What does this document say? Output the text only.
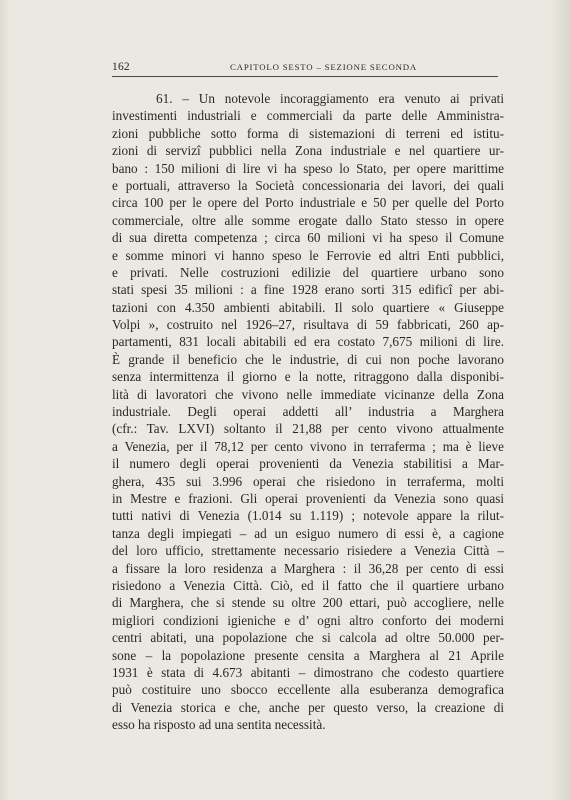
162	CAPITOLO SESTO – SEZIONE SECONDA
61. – Un notevole incoraggiamento era venuto ai privati
investimenti industriali e commerciali da parte delle Amministra-
zioni pubbliche sotto forma di sistemazioni di terreni ed istitu-
zioni di servizî pubblici nella Zona industriale e nel quartiere ur-
bano : 150 milioni di lire vi ha speso lo Stato, per opere marittime
e portuali, attraverso la Società concessionaria dei lavori, dei quali
circa 100 per le opere del Porto industriale e 50 per quelle del Porto
commerciale, oltre alle somme erogate dallo Stato stesso in opere
di sua diretta competenza ; circa 60 milioni vi ha speso il Comune
e somme minori vi hanno speso le Ferrovie ed altri Enti pubblici,
e privati. Nelle costruzioni edilizie del quartiere urbano sono
stati spesi 35 milioni : a fine 1928 erano sorti 315 edificî per abi-
tazioni con 4.350 ambienti abitabili. Il solo quartiere « Giuseppe
Volpi », costruito nel 1926–27, risultava di 59 fabbricati, 260 ap-
partamenti, 831 locali abitabili ed era costato 7,675 milioni di lire.
È grande il beneficio che le industrie, di cui non poche lavorano
senza intermittenza il giorno e la notte, ritraggono dalla disponibi-
lità di lavoratori che vivono nelle immediate vicinanze della Zona
industriale. Degli operai addetti all’ industria a Marghera
(cfr.: Tav. LXVI) soltanto il 21,88 per cento vivono attualmente
a Venezia, per il 78,12 per cento vivono in terraferma ; ma è lieve
il numero degli operai provenienti da Venezia stabilitisi a Mar-
ghera, 435 sui 3.996 operai che risiedono in terraferma, molti
in Mestre e frazioni. Gli operai provenienti da Venezia sono quasi
tutti nativi di Venezia (1.014 su 1.119) ; notevole appare la rilut-
tanza degli impiegati – ad un esiguo numero di essi è, a cagione
del loro ufficio, strettamente necessario risiedere a Venezia Città –
a fissare la loro residenza a Marghera : il 36,28 per cento di essi
risiedono a Venezia Città. Ciò, ed il fatto che il quartiere urbano
di Marghera, che si stende su oltre 200 ettari, può accogliere, nelle
migliori condizioni igieniche e d’ ogni altro conforto dei moderni
centri abitati, una popolazione che si calcola ad oltre 50.000 per-
sone – la popolazione presente censita a Marghera al 21 Aprile
1931 è stata di 4.673 abitanti – dimostrano che codesto quartiere
può costituire uno sbocco eccellente alla esuberanza demografica
di Venezia storica e che, anche per questo verso, la creazione di
esso ha risposto ad una sentita necessità.
